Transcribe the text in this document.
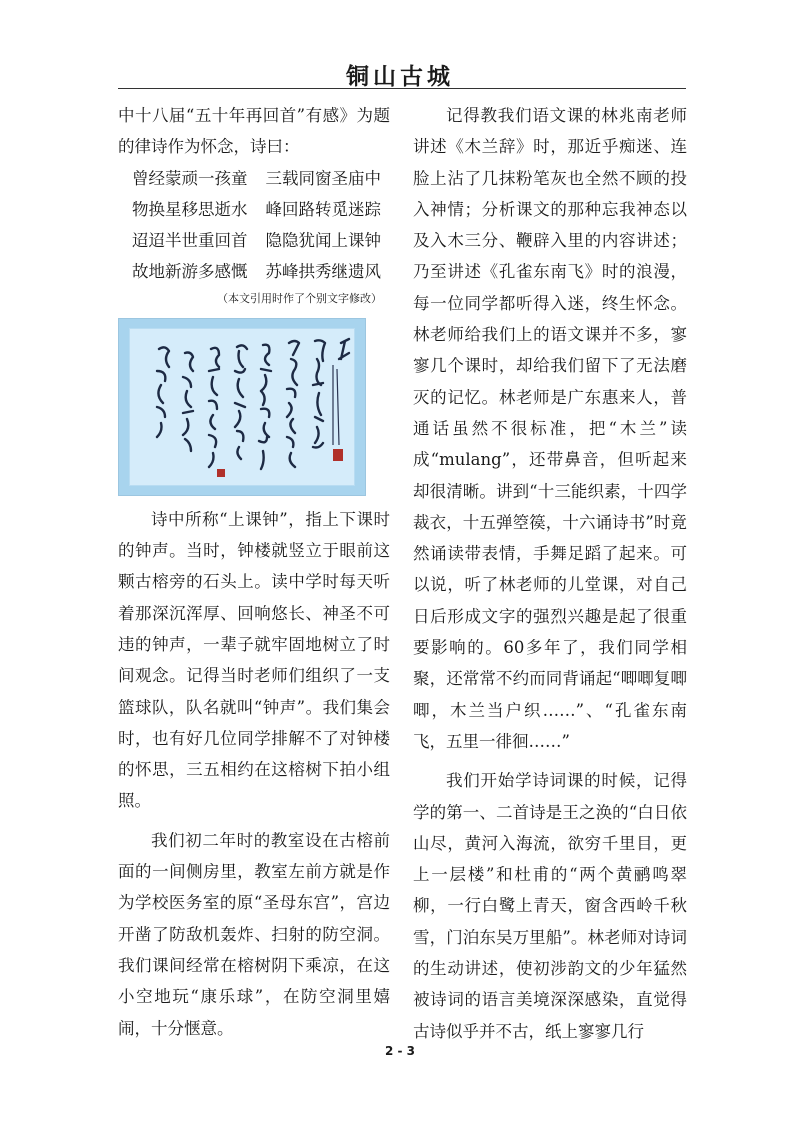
铜山古城

中十八届“五十年再回首”有感》为题的律诗作为怀念，诗曰：

曾经蒙顽一孩童 三载同窗圣庙中
物换星移思逝水 峰回路转觅迷踪
迢迢半世重回首 隐隐犹闻上课钟
故地新游多感慨 苏峰拱秀继遗风
（本文引用时作了个别文字修改）

诗中所称“上课钟”，指上下课时的钟声。当时，钟楼就竖立于眼前这颗古榕旁的石头上。读中学时每天听着那深沉浑厚、回响悠长、神圣不可违的钟声，一辈子就牢固地树立了时间观念。记得当时老师们组织了一支篮球队，队名就叫“钟声”。我们集会时，也有好几位同学排解不了对钟楼的怀思，三五相约在这榕树下拍小组照。

我们初二年时的教室设在古榕前面的一间侧房里，教室左前方就是作为学校医务室的原“圣母东宫”，宫边开凿了防敌机轰炸、扫射的防空洞。我们课间经常在榕树阴下乘凉，在这小空地玩“康乐球”，在防空洞里嬉闹，十分惬意。

记得教我们语文课的林兆南老师讲述《木兰辞》时，那近乎痴迷、连脸上沾了几抹粉笔灰也全然不顾的投入神情；分析课文的那种忘我神态以及入木三分、鞭辟入里的内容讲述；乃至讲述《孔雀东南飞》时的浪漫，每一位同学都听得入迷，终生怀念。林老师给我们上的语文课并不多，寥寥几个课时，却给我们留下了无法磨灭的记忆。林老师是广东惠来人，普通话虽然不很标准，把“木兰”读成“mulang”，还带鼻音，但听起来却很清晰。讲到“十三能织素，十四学裁衣，十五弹箜篌，十六诵诗书”时竟然诵读带表情，手舞足蹈了起来。可以说，听了林老师的儿堂课，对自己日后形成文字的强烈兴趣是起了很重要影响的。60多年了，我们同学相聚，还常常不约而同背诵起“唧唧复唧唧，木兰当户织……”、“孔雀东南飞，五里一徘徊……”

我们开始学诗词课的时候，记得学的第一、二首诗是王之涣的“白日依山尽，黄河入海流，欲穷千里目，更上一层楼”和杜甫的“两个黄鹂鸣翠柳，一行白鹭上青天，窗含西岭千秋雪，门泊东吴万里船”。林老师对诗词的生动讲述，使初涉韵文的少年猛然被诗词的语言美境深深感染，直觉得古诗似乎并不古，纸上寥寥几行

2 - 3
